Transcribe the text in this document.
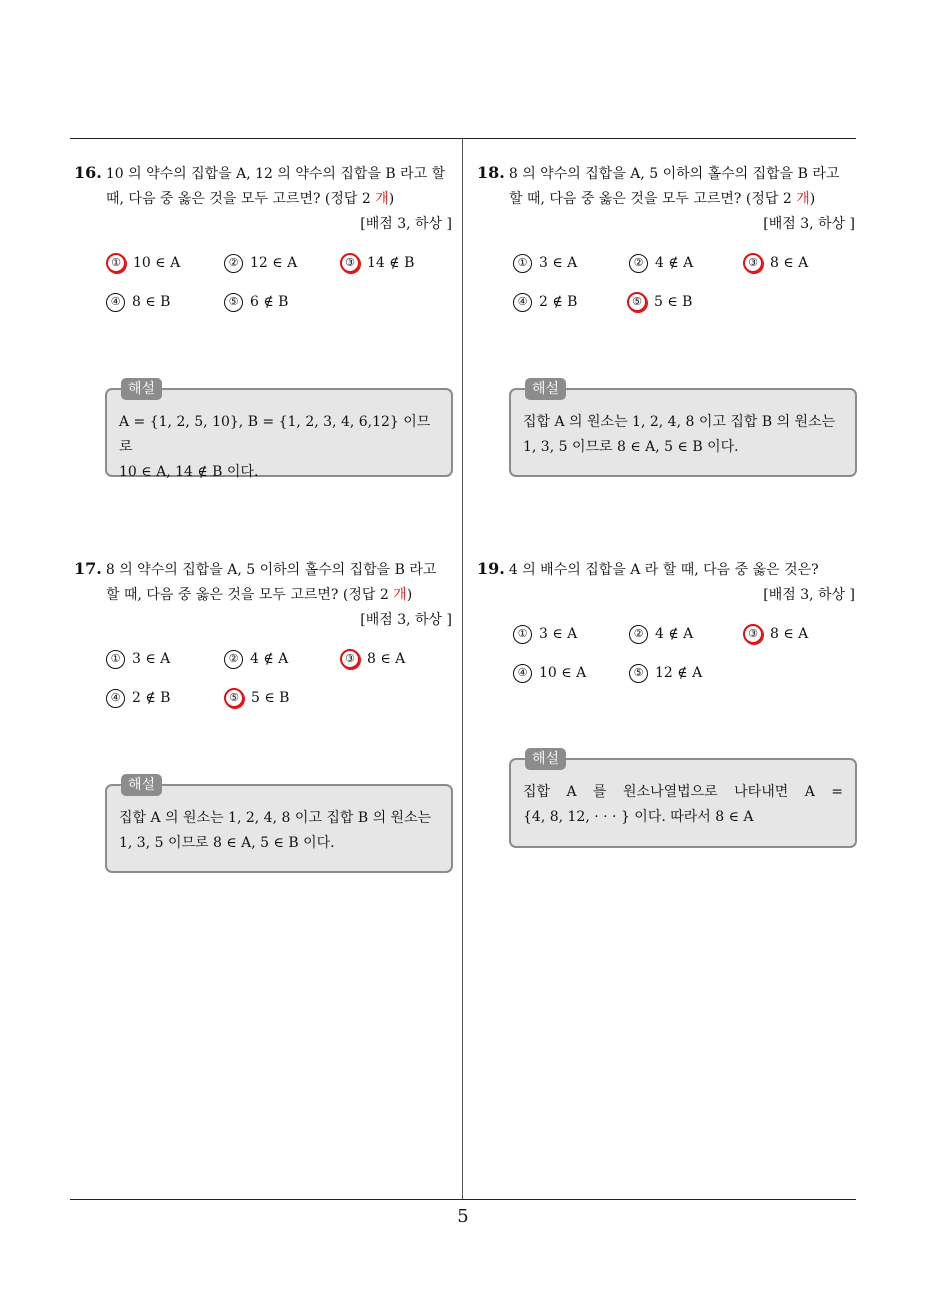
5

16. 10 의 약수의 집합을 A, 12 의 약수의 집합을 B 라고 할 때, 다음 중 옳은 것을 모두 고르면? (정답 2 개)

[배점 3, 하상 ]

① 10 ∈ A	② 12 ∈ A	③ 14 ∉ B
④ 8 ∈ B	⑤ 6 ∉ B
해설
A = {1, 2, 5, 10}, B = {1, 2, 3, 4, 6,12} 이므로
10 ∈ A, 14 ∉ B 이다.

17. 8 의 약수의 집합을 A, 5 이하의 홀수의 집합을 B 라고 할 때, 다음 중 옳은 것을 모두 고르면? (정답 2 개)

[배점 3, 하상 ]

① 3 ∈ A	② 4 ∉ A	③ 8 ∈ A
④ 2 ∉ B	⑤ 5 ∈ B
해설
집합 A 의 원소는 1, 2, 4, 8 이고 집합 B 의 원소는
1, 3, 5 이므로 8 ∈ A, 5 ∈ B 이다.

18. 8 의 약수의 집합을 A, 5 이하의 홀수의 집합을 B 라고 할 때, 다음 중 옳은 것을 모두 고르면? (정답 2 개)

[배점 3, 하상 ]

① 3 ∈ A	② 4 ∉ A	③ 8 ∈ A
④ 2 ∉ B	⑤ 5 ∈ B
해설
집합 A 의 원소는 1, 2, 4, 8 이고 집합 B 의 원소는
1, 3, 5 이므로 8 ∈ A, 5 ∈ B 이다.

19. 4 의 배수의 집합을 A 라 할 때, 다음 중 옳은 것은?

[배점 3, 하상 ]

① 3 ∈ A	② 4 ∉ A	③ 8 ∈ A
④ 10 ∈ A	⑤ 12 ∉ A
해설
집합 A 를 원소나열법으로 나타내면 A =
{4, 8, 12, · · · } 이다. 따라서 8 ∈ A
